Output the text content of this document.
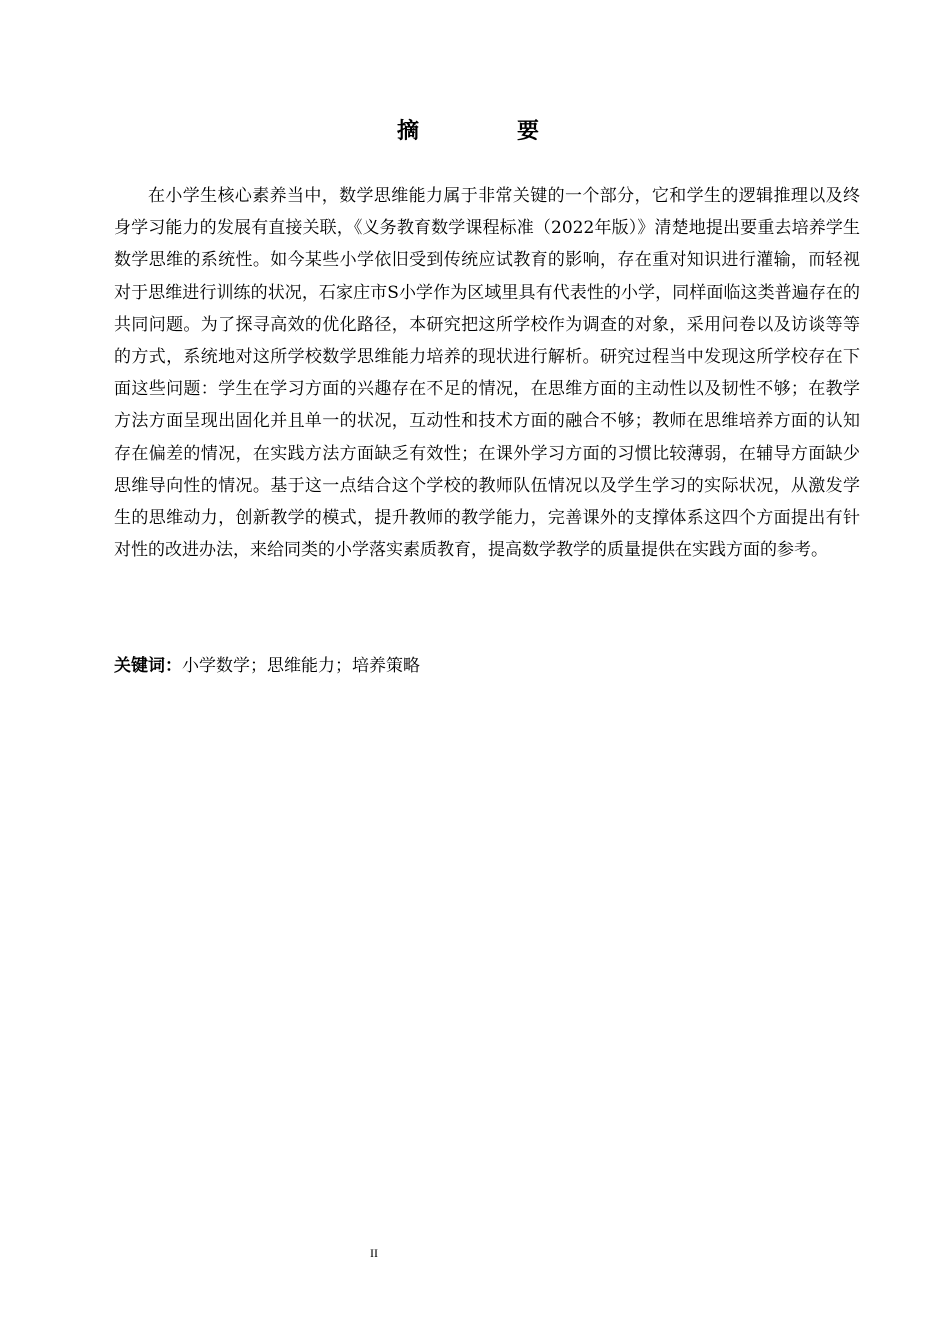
摘　要

在小学生核心素养当中，数学思维能力属于非常关键的一个部分，它和学生的逻辑推理以及终身学习能力的发展有直接关联，《义务教育数学课程标准（2022年版）》清楚地提出要重去培养学生数学思维的系统性。如今某些小学依旧受到传统应试教育的影响，存在重对知识进行灌输，而轻视对于思维进行训练的状况，石家庄市S小学作为区域里具有代表性的小学，同样面临这类普遍存在的共同问题。为了探寻高效的优化路径，本研究把这所学校作为调查的对象，采用问卷以及访谈等等的方式，系统地对这所学校数学思维能力培养的现状进行解析。研究过程当中发现这所学校存在下面这些问题：学生在学习方面的兴趣存在不足的情况，在思维方面的主动性以及韧性不够；在教学方法方面呈现出固化并且单一的状况，互动性和技术方面的融合不够；教师在思维培养方面的认知存在偏差的情况，在实践方法方面缺乏有效性；在课外学习方面的习惯比较薄弱，在辅导方面缺少思维导向性的情况。基于这一点结合这个学校的教师队伍情况以及学生学习的实际状况，从激发学生的思维动力，创新教学的模式，提升教师的教学能力，完善课外的支撑体系这四个方面提出有针对性的改进办法，来给同类的小学落实素质教育，提高数学教学的质量提供在实践方面的参考。

关键词：小学数学；思维能力；培养策略
II
